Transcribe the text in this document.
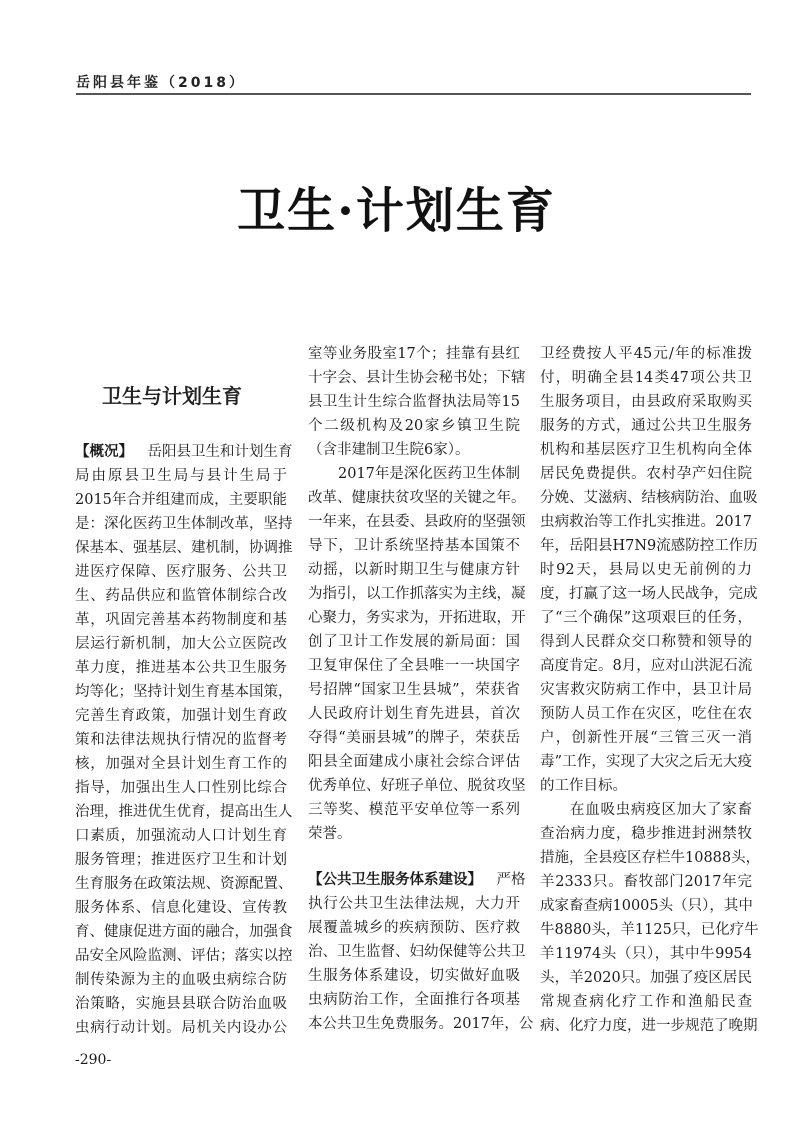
岳阳县年鉴（2018）
卫生·计划生育
卫生与计划生育
【概况】  岳阳县卫生和计划生育
局由原县卫生局与县计生局于
2015年合并组建而成，主要职能
是：深化医药卫生体制改革，坚持
保基本、强基层、建机制，协调推
进医疗保障、医疗服务、公共卫
生、药品供应和监管体制综合改
革，巩固完善基本药物制度和基
层运行新机制，加大公立医院改
革力度，推进基本公共卫生服务
均等化；坚持计划生育基本国策，
完善生育政策，加强计划生育政
策和法律法规执行情况的监督考
核，加强对全县计划生育工作的
指导，加强出生人口性别比综合
治理，推进优生优育，提高出生人
口素质，加强流动人口计划生育
服务管理；推进医疗卫生和计划
生育服务在政策法规、资源配置、
服务体系、信息化建设、宣传教
育、健康促进方面的融合，加强食
品安全风险监测、评估；落实以控
制传染源为主的血吸虫病综合防
治策略，实施县县联合防治血吸
虫病行动计划。局机关内设办公
室等业务股室17个；挂靠有县红
十字会、县计生协会秘书处；下辖
县卫生计生综合监督执法局等15
个二级机构及20家乡镇卫生院
（含非建制卫生院6家）。
2017年是深化医药卫生体制
改革、健康扶贫攻坚的关键之年。
一年来，在县委、县政府的坚强领
导下，卫计系统坚持基本国策不
动摇，以新时期卫生与健康方针
为指引，以工作抓落实为主线，凝
心聚力，务实求为，开拓进取，开
创了卫计工作发展的新局面：国
卫复审保住了全县唯一一块国字
号招牌“国家卫生县城”，荣获省
人民政府计划生育先进县，首次
夺得“美丽县城”的牌子，荣获岳
阳县全面建成小康社会综合评估
优秀单位、好班子单位、脱贫攻坚
三等奖、模范平安单位等一系列
荣誉。
【公共卫生服务体系建设】  严格
执行公共卫生法律法规，大力开
展覆盖城乡的疾病预防、医疗救
治、卫生监督、妇幼保健等公共卫
生服务体系建设，切实做好血吸
虫病防治工作，全面推行各项基
本公共卫生免费服务。2017年，公
卫经费按人平45元/年的标准拨
付，明确全县14类47项公共卫
生服务项目，由县政府采取购买
服务的方式，通过公共卫生服务
机构和基层医疗卫生机构向全体
居民免费提供。农村孕产妇住院
分娩、艾滋病、结核病防治、血吸
虫病救治等工作扎实推进。2017
年，岳阳县H7N9流感防控工作历
时92天，县局以史无前例的力
度，打赢了这一场人民战争，完成
了“三个确保”这项艰巨的任务，
得到人民群众交口称赞和领导的
高度肯定。8月，应对山洪泥石流
灾害救灾防病工作中，县卫计局
预防人员工作在灾区，吃住在农
户，创新性开展“三管三灭一消
毒”工作，实现了大灾之后无大疫
的工作目标。
在血吸虫病疫区加大了家畜
查治病力度，稳步推进封洲禁牧
措施，全县疫区存栏牛10888头，
羊2333只。畜牧部门2017年完
成家畜查病10005头（只），其中
牛8880头，羊1125只，已化疗牛
羊11974头（只），其中牛9954
头，羊2020只。加强了疫区居民
常规查病化疗工作和渔船民查
病、化疗力度，进一步规范了晚期
-290-
